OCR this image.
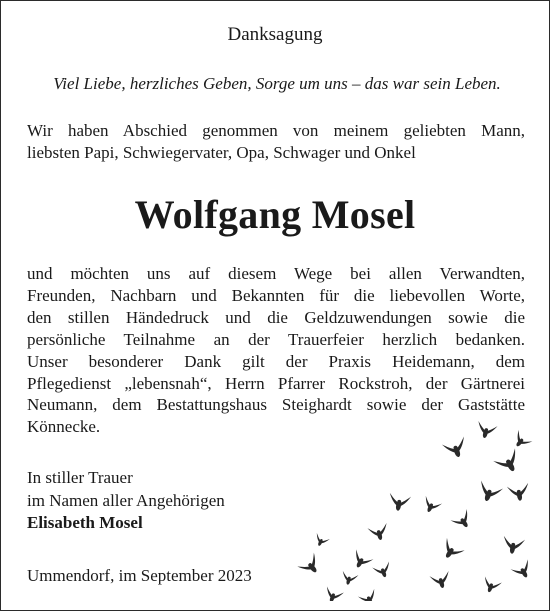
Danksagung
Viel Liebe, herzliches Geben, Sorge um uns – das war sein Leben.
Wir haben Abschied genommen von meinem geliebten Mann,
liebsten Papi, Schwiegervater, Opa, Schwager und Onkel
Wolfgang Mosel
und möchten uns auf diesem Wege bei allen Verwandten,
Freunden, Nachbarn und Bekannten für die liebevollen Worte,
den stillen Händedruck und die Geldzuwendungen sowie die
persönliche Teilnahme an der Trauerfeier herzlich bedanken.
Unser besonderer Dank gilt der Praxis Heidemann, dem
Pflegedienst „lebensnah“, Herrn Pfarrer Rockstroh, der Gärtnerei
Neumann, dem Bestattungshaus Steighardt sowie der Gaststätte
Könnecke.
In stiller Trauer
im Namen aller Angehörigen
Elisabeth Mosel
Ummendorf, im September 2023
